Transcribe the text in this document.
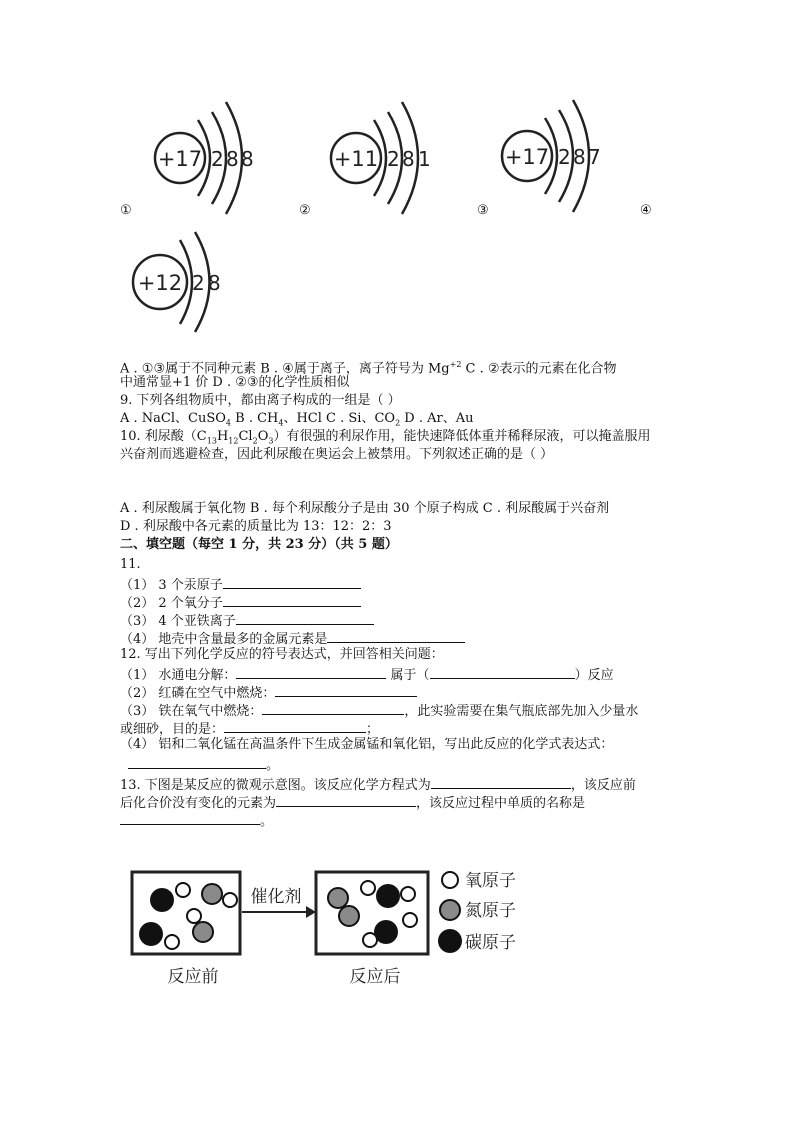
+17 2 8 8	+11 2 8 1	+17 2 8 7
+12 2 8
①	②	③	④
A . ①③属于不同种元素 B . ④属于离子，离子符号为 $Mg^{+2}$ C . ②表示的元素在化合物
中通常显+1 价 D . ②③的化学性质相似
9. 下列各组物质中，都由离子构成的一组是（ ）
A . NaCl、CuSO$_4$ B . $CH_4$、HCl C . Si、$CO_2$ D . Ar、Au
10. 利尿酸$(C_{13}H_{12}Cl_2O_3)$有很强的利尿作用，能快速降低体重并稀释尿液，可以掩盖服用
兴奋剂而逃避检查，因此利尿酸在奥运会上被禁用。下列叙述正确的是（ ）
A . 利尿酸属于氧化物 B . 每个利尿酸分子是由 30 个原子构成 C . 利尿酸属于兴奋剂
D . 利尿酸中各元素的质量比为 13：12：2：3
二、填空题（每空 1 分，共 23 分）（共 5 题）
11.
（1） 3 个汞原子
（2） 2 个氧分子
（3） 4 个亚铁离子
（4） 地壳中含量最多的金属元素是
12. 写出下列化学反应的符号表达式，并回答相关问题：
（1） 水通电分解：	属于（	）反应
（2） 红磷在空气中燃烧：
（3） 铁在氧气中燃烧：	，此实验需要在集气瓶底部先加入少量水
或细砂，目的是：	；
（4） 铝和二氧化锰在高温条件下生成金属锰和氧化铝，写出此反应的化学式表达式：
。
13. 下图是某反应的微观示意图。该反应化学方程式为	，该反应前
后化合价没有变化的元素为	，该反应过程中单质的名称是
。
催化剂
反应前	反应后
氧原子
氮原子
碳原子
